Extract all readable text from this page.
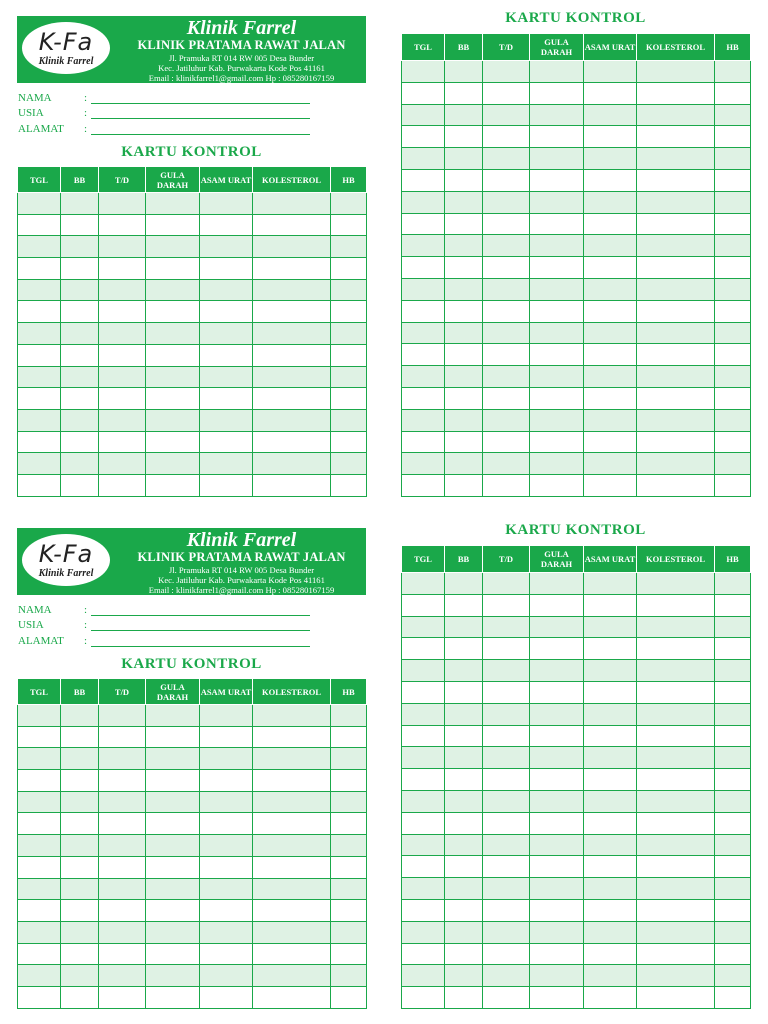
K-Fa
Klinik Farrel
Klinik Farrel
KLINIK PRATAMA RAWAT JALAN
Jl. Pramuka RT 014 RW 005 Desa Bunder
Kec. Jatiluhur Kab. Purwakarta Kode Pos 41161
Email : klinikfarrel1@gmail.com Hp : 085280167159
NAMA	:
USIA	:
ALAMAT :
KARTU KONTROL
TGL	BB	T/D	GULA DARAH	ASAM URAT	KOLESTEROL	HB

KARTU KONTROL
TGL	BB	T/D	GULA DARAH	ASAM URAT	KOLESTEROL	HB

K-Fa
Klinik Farrel
Klinik Farrel
KLINIK PRATAMA RAWAT JALAN
Jl. Pramuka RT 014 RW 005 Desa Bunder
Kec. Jatiluhur Kab. Purwakarta Kode Pos 41161
Email : klinikfarrel1@gmail.com Hp : 085280167159
NAMA	:
USIA	:
ALAMAT :
KARTU KONTROL
TGL	BB	T/D	GULA DARAH	ASAM URAT	KOLESTEROL	HB

KARTU KONTROL
TGL	BB	T/D	GULA DARAH	ASAM URAT	KOLESTEROL	HB
